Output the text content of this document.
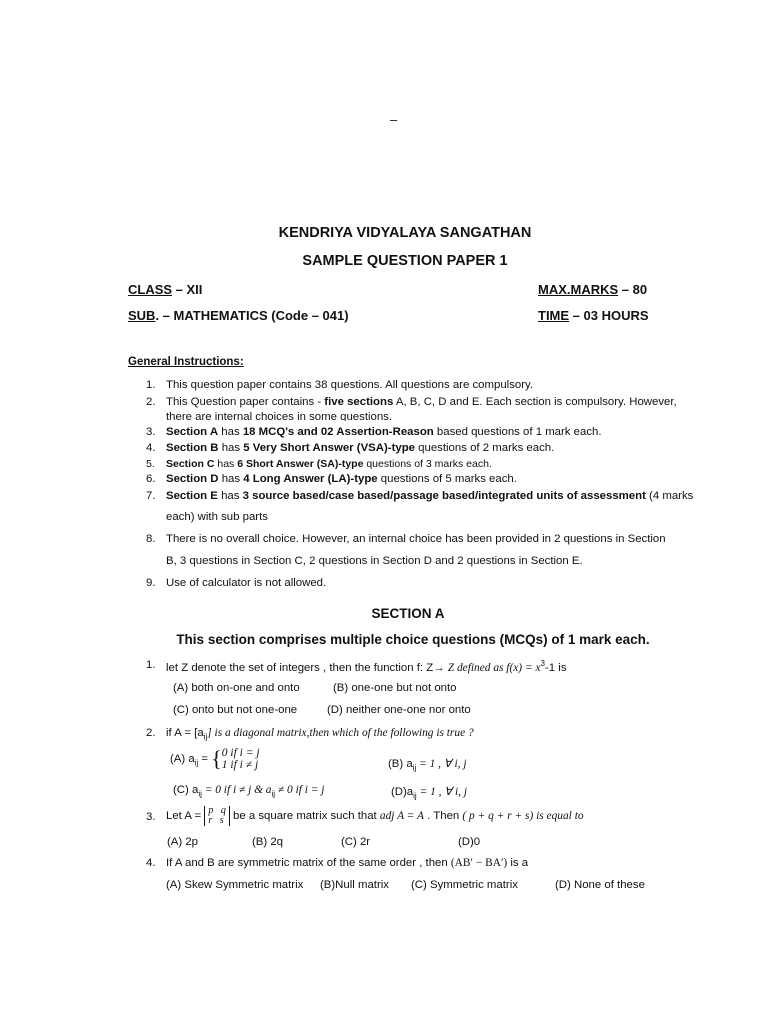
–
KENDRIYA VIDYALAYA SANGATHAN
SAMPLE QUESTION PAPER 1
CLASS – XII	MAX.MARKS – 80
SUB. – MATHEMATICS (Code – 041)	TIME – 03 HOURS
General Instructions:
1. This question paper contains 38 questions. All questions are compulsory.
2. This Question paper contains - five sections A, B, C, D and E. Each section is compulsory. However,
there are internal choices in some questions.
3. Section A has 18 MCQ's and 02 Assertion-Reason based questions of 1 mark each.
4. Section B has 5 Very Short Answer (VSA)-type questions of 2 marks each.
5. Section C has 6 Short Answer (SA)-type questions of 3 marks each.
6. Section D has 4 Long Answer (LA)-type questions of 5 marks each.
7. Section E has 3 source based/case based/passage based/integrated units of assessment (4 marks
each) with sub parts
8. There is no overall choice. However, an internal choice has been provided in 2 questions in Section
B, 3 questions in Section C, 2 questions in Section D and 2 questions in Section E.
9. Use of calculator is not allowed.
SECTION A
This section comprises multiple choice questions (MCQs) of 1 mark each.
1. let Z denote the set of integers , then the function f: Z→ Z defined as $f(x) = x^3-1$ is
(A) both on-one and onto	(B) one-one but not onto
(C) onto but not one-one	(D) neither one-one nor onto
2. if $A = [a_{ij}]$ is a diagonal matrix,then which of the following is true ?
(A) $a_{ij}$ = { 0 if i = j
1 if i ≠ j	(B) $a_{ij} = 1$ , ∀ i, j
(C) $a_{ij} = 0$ if i ≠ j & $a_{ij} \ne 0$ if i = j	$(D)a_{ij} = 1$ , ∀ i, j
3. Let A = p q
r s be a square matrix such that adj A = A . Then ( p + q + r + s) is equal to
(A) 2p	(B) 2q	(C) 2r	(D)0
4. If A and B are symmetric matrix of the same order , then (AB′ − BA′) is a
(A) Skew Symmetric matrix (B)Null matrix (C) Symmetric matrix	(D) None of these
